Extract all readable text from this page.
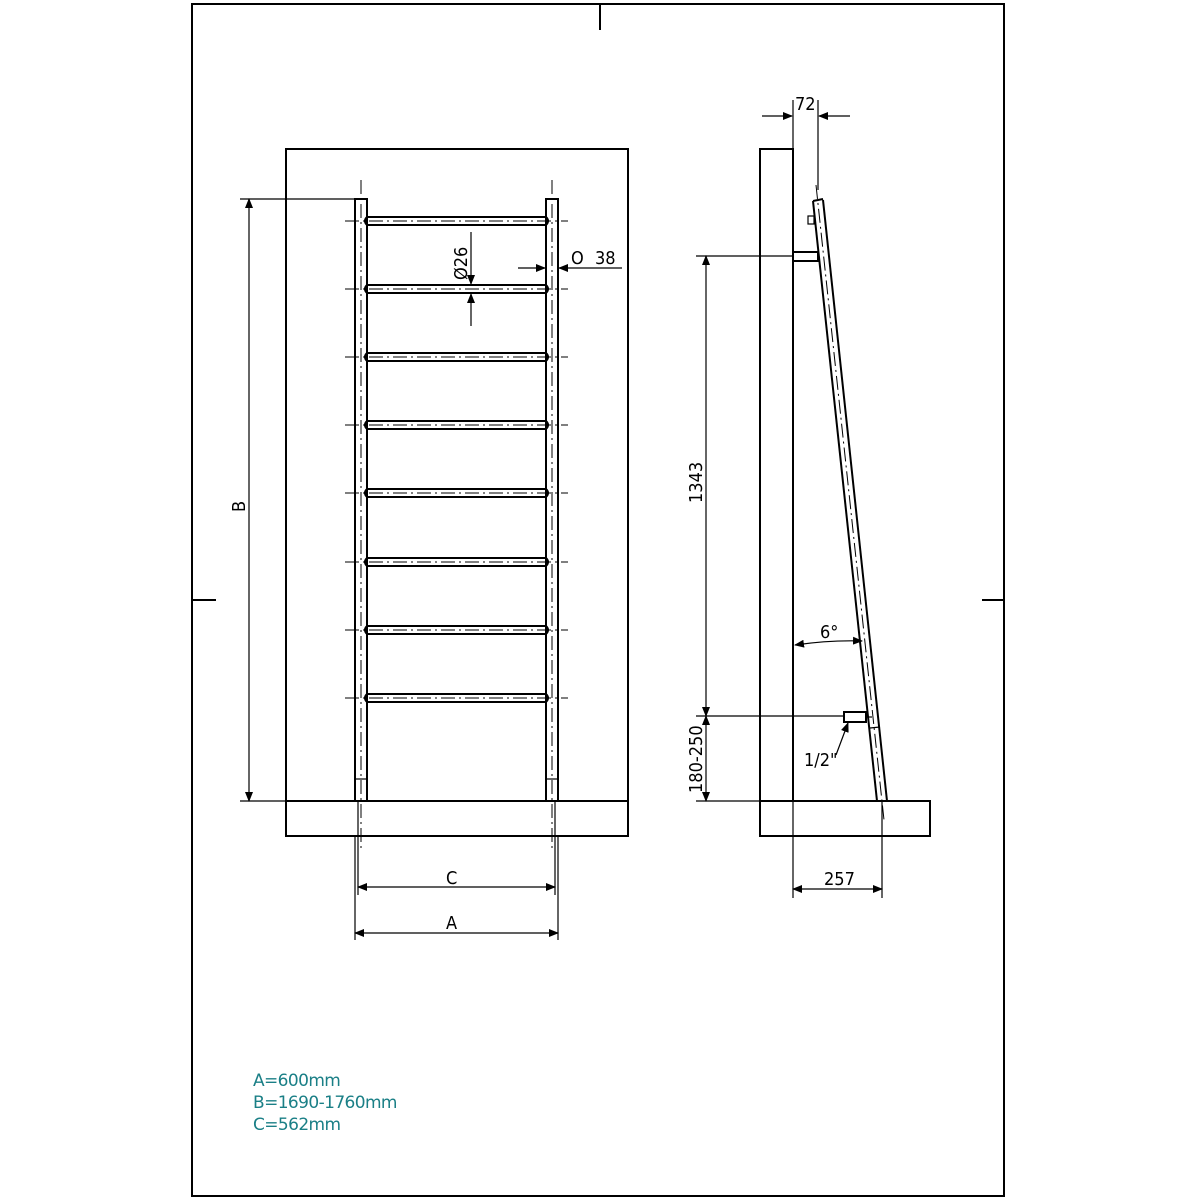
C
A
B
Ø26	O 38
72
1343
180-250
6°
1/2"
257
A=600mm
B=1690-1760mm
C=562mm
